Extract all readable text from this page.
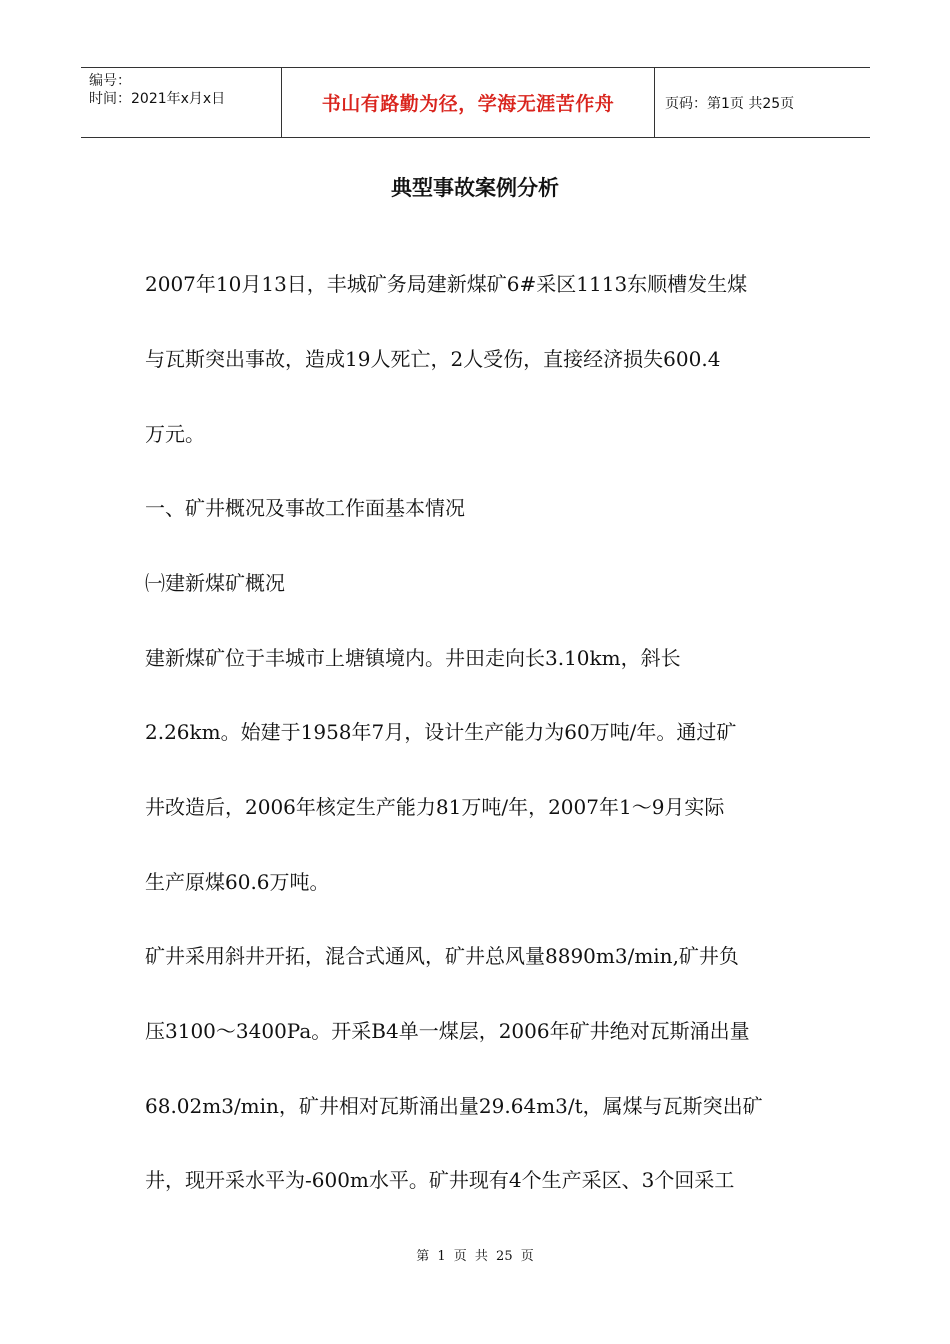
编号：
时间：2021年x月x日	书山有路勤为径，学海无涯苦作舟	页码：第1页 共25页
典型事故案例分析
2007年10月13日，丰城矿务局建新煤矿6#采区1113东顺槽发生煤
与瓦斯突出事故，造成19人死亡，2人受伤，直接经济损失600.4
万元。
一、矿井概况及事故工作面基本情况
㈠建新煤矿概况
建新煤矿位于丰城市上塘镇境内。井田走向长3.10km，斜长
2.26km。始建于1958年7月，设计生产能力为60万吨/年。通过矿
井改造后，2006年核定生产能力81万吨/年，2007年1～9月实际
生产原煤60.6万吨。
矿井采用斜井开拓，混合式通风，矿井总风量8890m3/min,矿井负
压3100～3400Pa。开采B4单一煤层，2006年矿井绝对瓦斯涌出量
68.02m3/min，矿井相对瓦斯涌出量29.64m3/t，属煤与瓦斯突出矿
井，现开采水平为-600m水平。矿井现有4个生产采区、3个回采工
第 1 页 共 25 页
